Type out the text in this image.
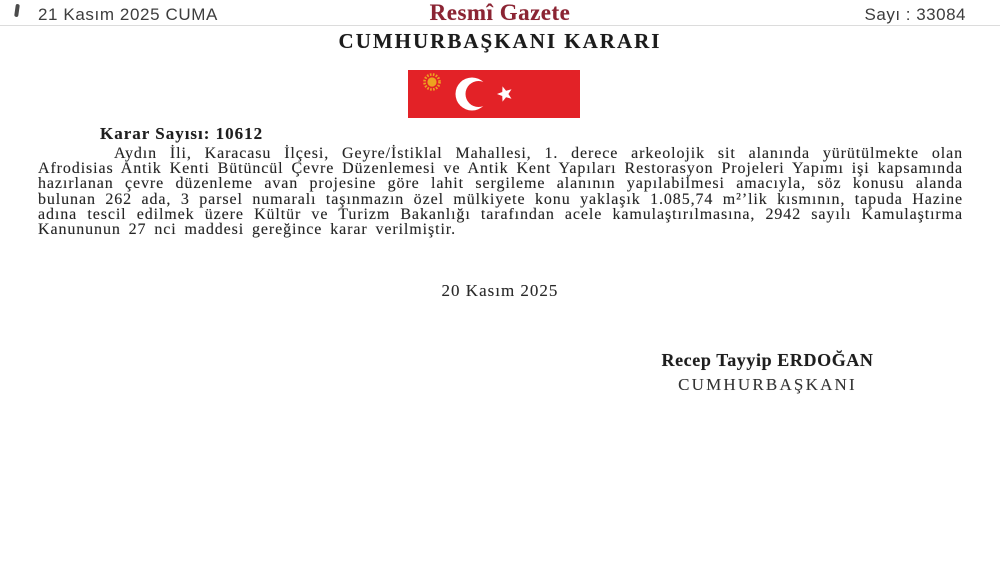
21 Kasım 2025 CUMA	Resmî Gazete	Sayı : 33084
CUMHURBAŞKANI KARARI
Karar Sayısı: 10612
Aydın İli, Karacasu İlçesi, Geyre/İstiklal Mahallesi, 1. derece arkeolojik sit alanında yürütülmekte olan Afrodisias Antik Kenti Bütüncül Çevre Düzenlemesi ve Antik Kent Yapıları Restorasyon Projeleri Yapımı işi kapsamında hazırlanan çevre düzenleme avan projesine göre lahit sergileme alanının yapılabilmesi amacıyla, söz konusu alanda bulunan 262 ada, 3 parsel numaralı taşınmazın özel mülkiyete konu yaklaşık 1.085,74 m²’lik kısmının, tapuda Hazine adına tescil edilmek üzere Kültür ve Turizm Bakanlığı tarafından acele kamulaştırılmasına, 2942 sayılı Kamulaştırma Kanununun 27 nci maddesi gereğince karar verilmiştir.
20 Kasım 2025
Recep Tayyip ERDOĞAN
CUMHURBAŞKANI
